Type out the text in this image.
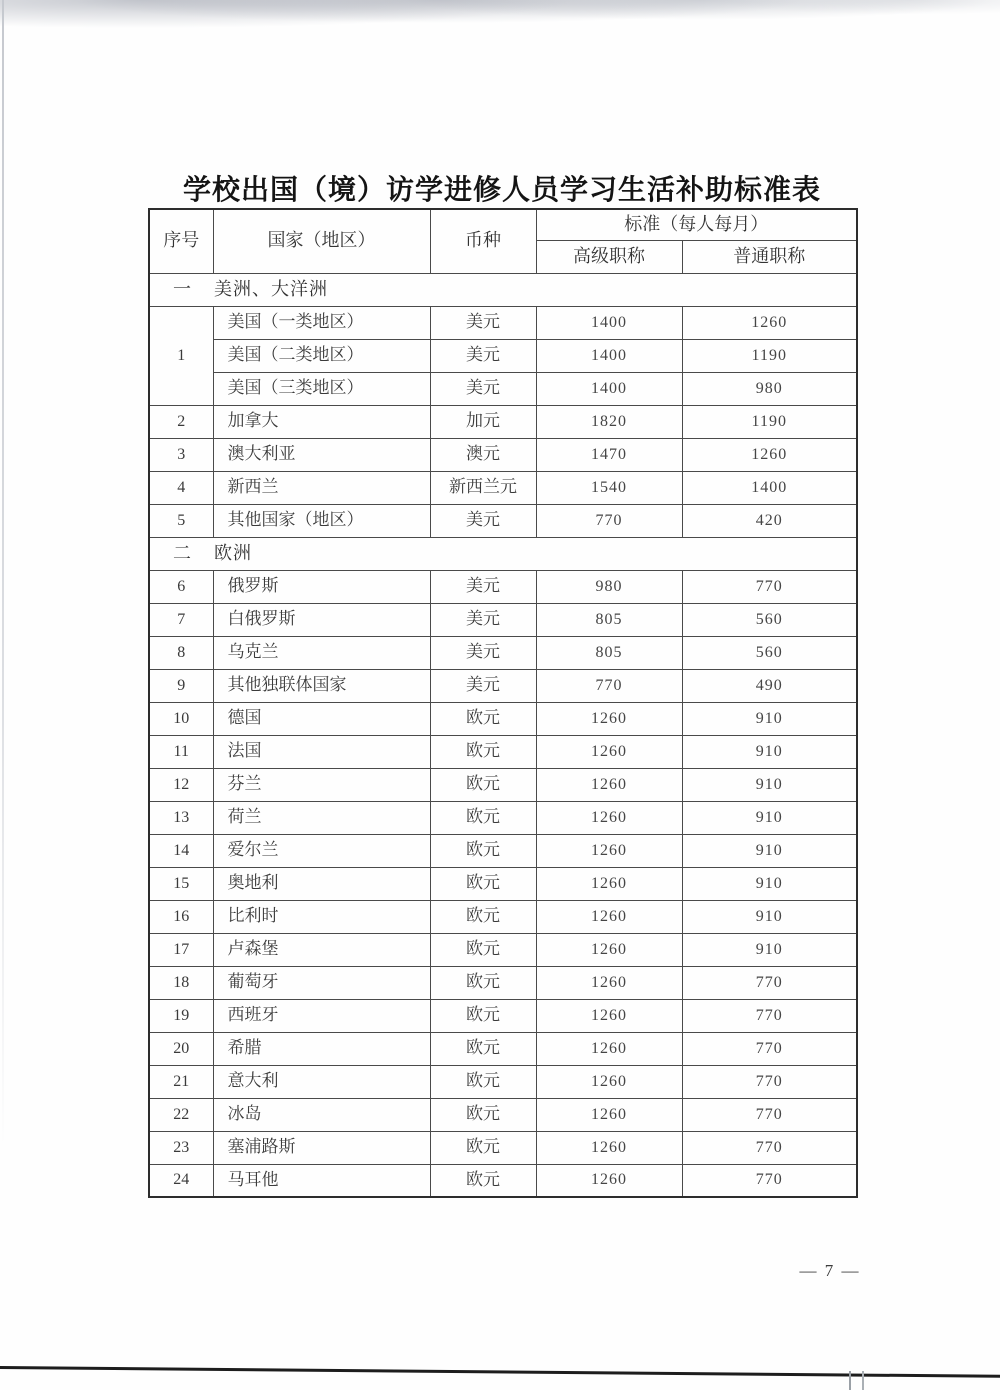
学校出国（境）访学进修人员学习生活补助标准表
序号	国家（地区）	币种	标准（每人每月）	
			高级职称	普通职称
一 美洲、大洋洲				
1	美国（一类地区）	美元	1400	1260
	美国（二类地区）	美元	1400	1190
	美国（三类地区）	美元	1400	980
2	加拿大	加元	1820	1190
3	澳大利亚	澳元	1470	1260
4	新西兰	新西兰元	1540	1400
5	其他国家（地区）	美元	770	420
二 欧洲				
6	俄罗斯	美元	980	770
7	白俄罗斯	美元	805	560
8	乌克兰	美元	805	560
9	其他独联体国家	美元	770	490
10	德国	欧元	1260	910
11	法国	欧元	1260	910
12	芬兰	欧元	1260	910
13	荷兰	欧元	1260	910
14	爱尔兰	欧元	1260	910
15	奥地利	欧元	1260	910
16	比利时	欧元	1260	910
17	卢森堡	欧元	1260	910
18	葡萄牙	欧元	1260	770
19	西班牙	欧元	1260	770
20	希腊	欧元	1260	770
21	意大利	欧元	1260	770
22	冰岛	欧元	1260	770
23	塞浦路斯	欧元	1260	770
24	马耳他	欧元	1260	770
— 7 —
